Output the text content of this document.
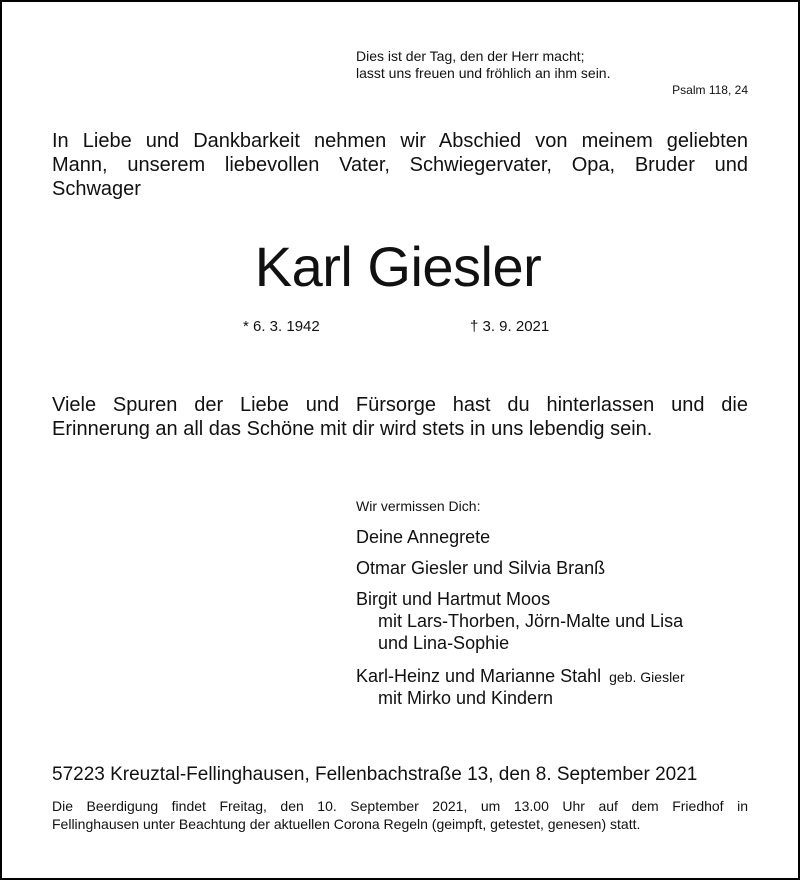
Dies ist der Tag, den der Herr macht;
lasst uns freuen und fröhlich an ihm sein.
Psalm 118, 24
In Liebe und Dankbarkeit nehmen wir Abschied von meinem geliebten
Mann, unserem liebevollen Vater, Schwiegervater, Opa, Bruder und
Schwager
Karl Giesler
* 6. 3. 1942	† 3. 9. 2021
Viele Spuren der Liebe und Fürsorge hast du hinterlassen und die
Erinnerung an all das Schöne mit dir wird stets in uns lebendig sein.
Wir vermissen Dich:
Deine Annegrete
Otmar Giesler und Silvia Branß
Birgit und Hartmut Moos
mit Lars-Thorben, Jörn-Malte und Lisa
und Lina-Sophie
Karl-Heinz und Marianne Stahl geb. Giesler
mit Mirko und Kindern
57223 Kreuztal-Fellinghausen, Fellenbachstraße 13, den 8. September 2021
Die Beerdigung findet Freitag, den 10. September 2021, um 13.00 Uhr auf dem Friedhof in
Fellinghausen unter Beachtung der aktuellen Corona Regeln (geimpft, getestet, genesen) statt.
